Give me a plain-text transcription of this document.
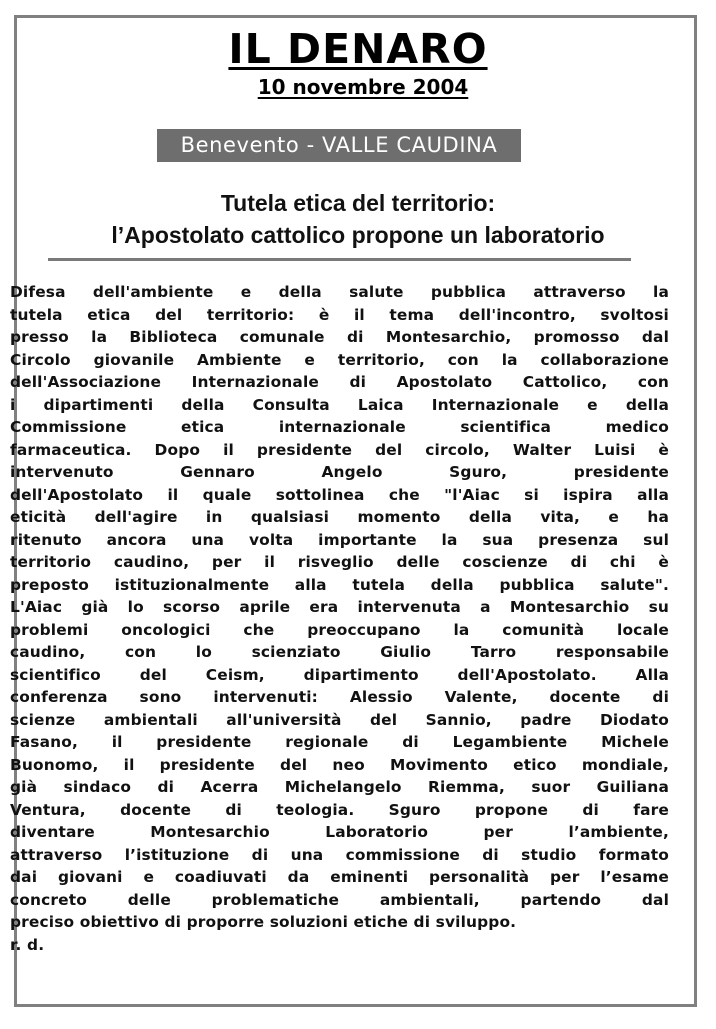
IL DENARO
10 novembre 2004
Benevento - VALLE CAUDINA
Tutela etica del territorio:
l’Apostolato cattolico propone un laboratorio
Difesa dell'ambiente e della salute pubblica attraverso la
tutela etica del territorio: è il tema dell'incontro, svoltosi
presso la Biblioteca comunale di Montesarchio, promosso dal
Circolo giovanile Ambiente e territorio, con la collaborazione
dell'Associazione Internazionale di Apostolato Cattolico, con
i dipartimenti della Consulta Laica Internazionale e della
Commissione etica internazionale scientifica medico
farmaceutica. Dopo il presidente del circolo, Walter Luisi è
intervenuto Gennaro Angelo Sguro, presidente
dell'Apostolato il quale sottolinea che "l'Aiac si ispira alla
eticità dell'agire in qualsiasi momento della vita, e ha
ritenuto ancora una volta importante la sua presenza sul
territorio caudino, per il risveglio delle coscienze di chi è
preposto istituzionalmente alla tutela della pubblica salute".
L'Aiac già lo scorso aprile era intervenuta a Montesarchio su
problemi oncologici che preoccupano la comunità locale
caudino, con lo scienziato Giulio Tarro responsabile
scientifico del Ceism, dipartimento dell'Apostolato. Alla
conferenza sono intervenuti: Alessio Valente, docente di
scienze ambientali all'università del Sannio, padre Diodato
Fasano, il presidente regionale di Legambiente Michele
Buonomo, il presidente del neo Movimento etico mondiale,
già sindaco di Acerra Michelangelo Riemma, suor Guiliana
Ventura, docente di teologia. Sguro propone di fare
diventare Montesarchio Laboratorio per l’ambiente,
attraverso l’istituzione di una commissione di studio formato
dai giovani e coadiuvati da eminenti personalità per l’esame
concreto delle problematiche ambientali, partendo dal
preciso obiettivo di proporre soluzioni etiche di sviluppo.
r. d.
